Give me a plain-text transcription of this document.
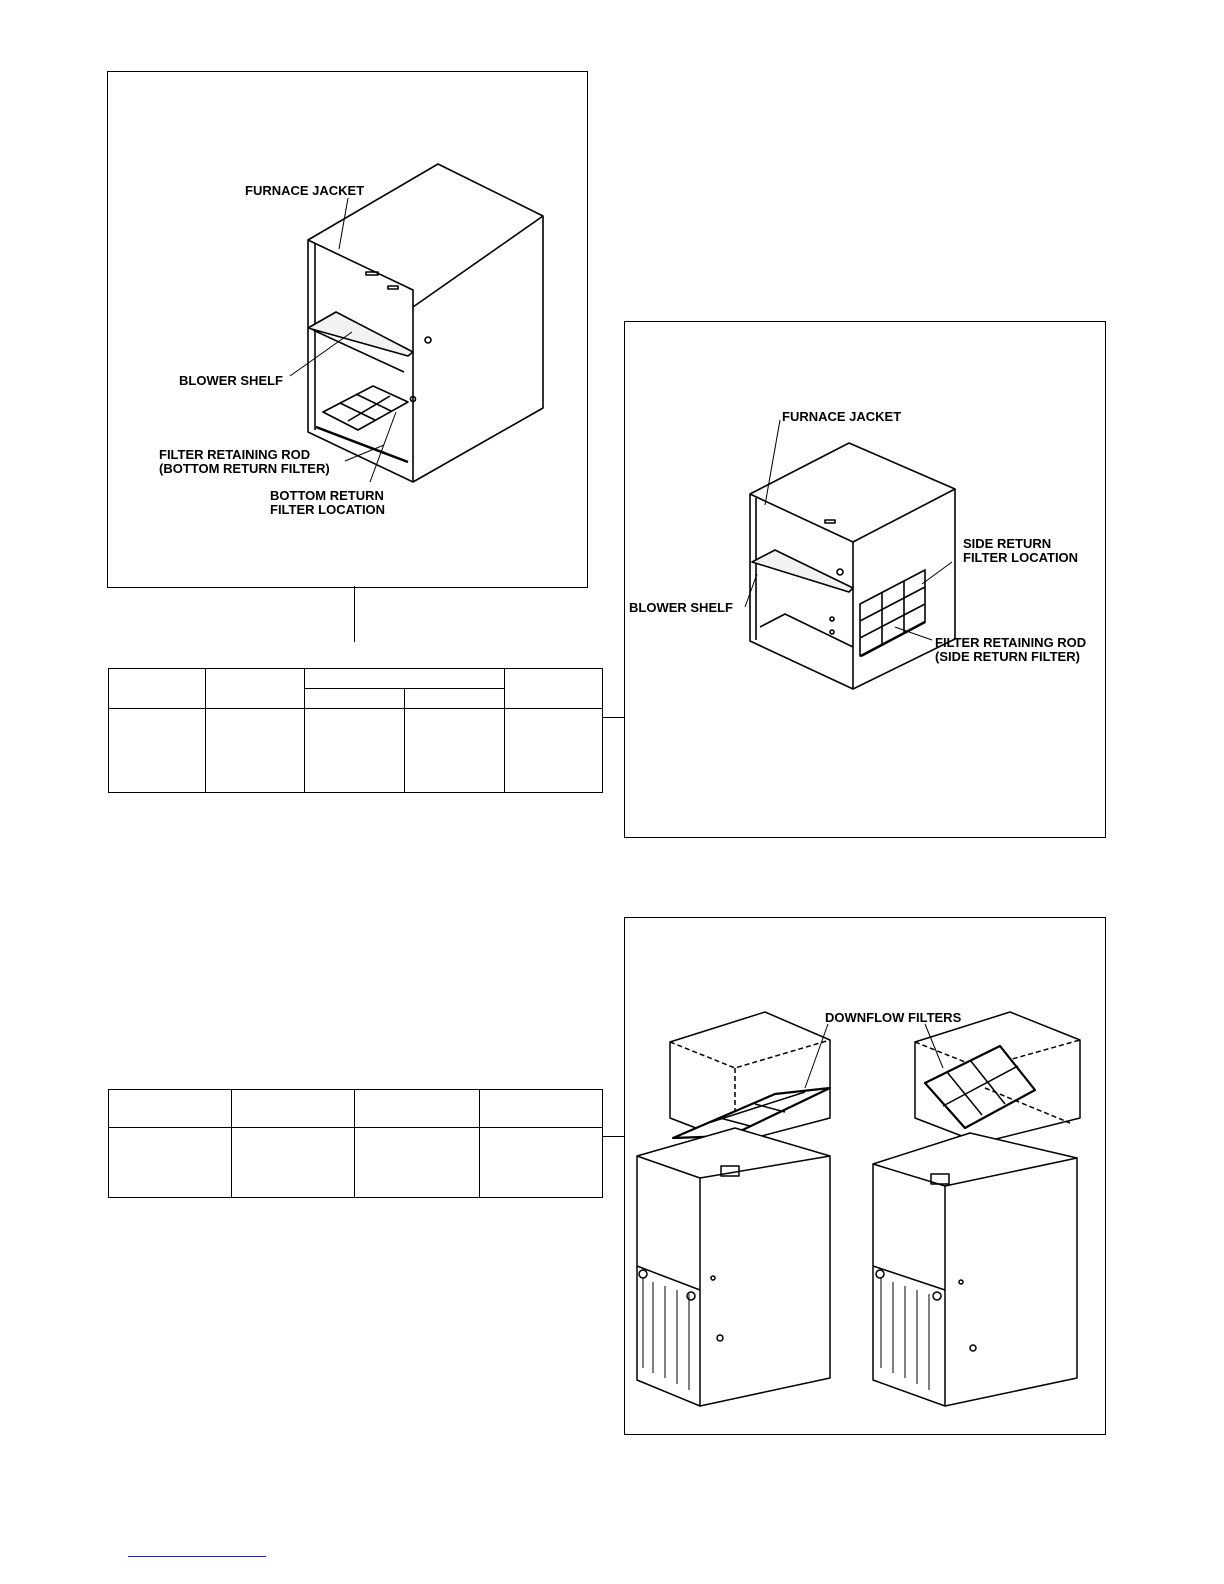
FURNACE JACKET
BLOWER SHELF
FILTER RETAINING ROD
(BOTTOM RETURN FILTER)
BOTTOM RETURN
FILTER LOCATION

FURNACE JACKET
SIDE RETURN
FILTER LOCATION
BLOWER SHELF
FILTER RETAINING ROD
(SIDE RETURN FILTER)

DOWNFLOW FILTERS
